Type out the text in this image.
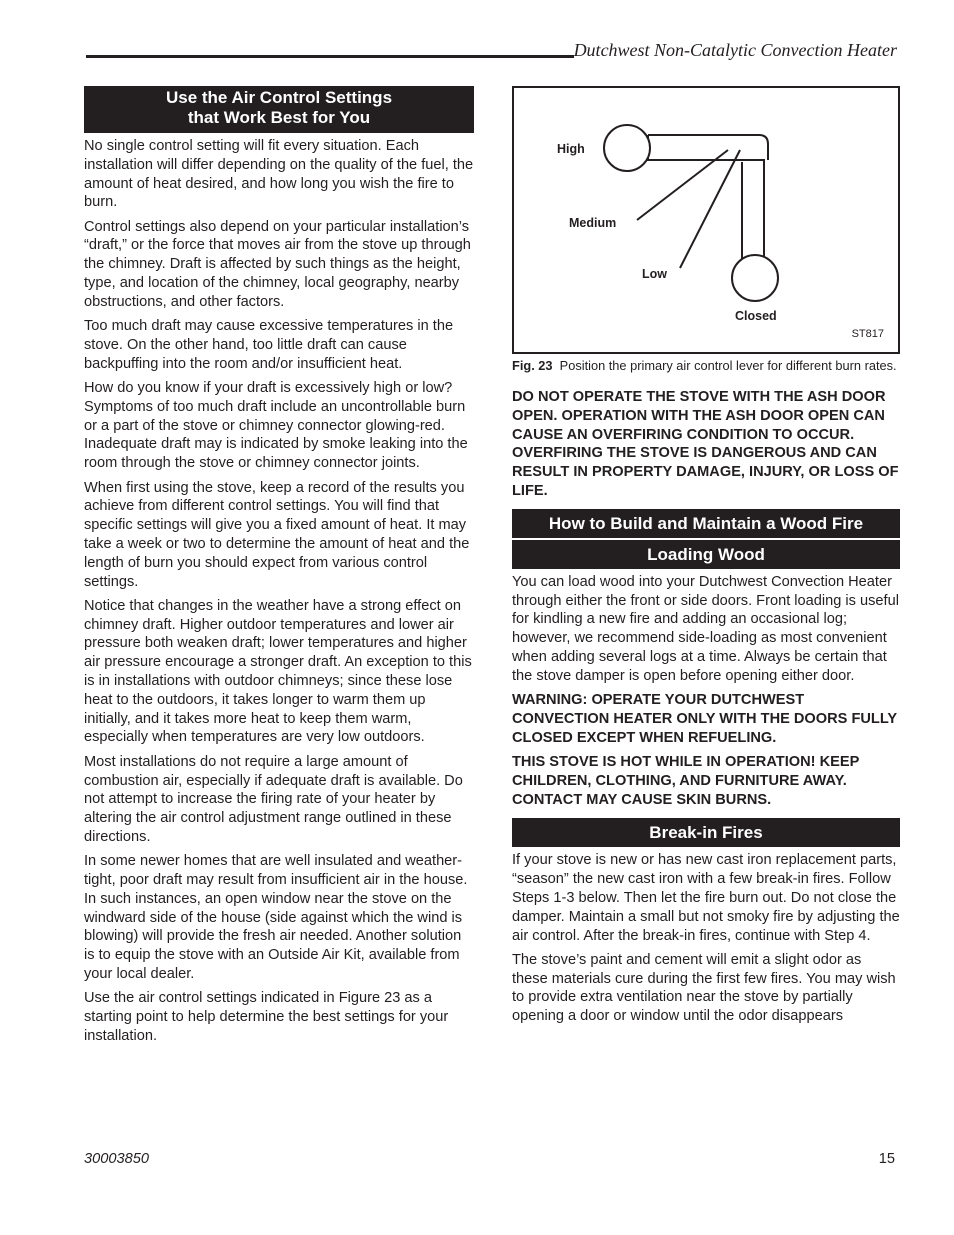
Dutchwest Non-Catalytic Convection Heater
Use the Air Control Settings
that Work Best for You

No single control setting will fit every situation. Each installation will differ depending on the quality of the fuel, the amount of heat desired, and how long you wish the fire to burn.

Control settings also depend on your particular installation’s “draft,” or the force that moves air from the stove up through the chimney. Draft is affected by such things as the height, type, and location of the chimney, local geography, nearby obstructions, and other factors.

Too much draft may cause excessive temperatures in the stove. On the other hand, too little draft can cause backpuffing into the room and/or insufficient heat.

How do you know if your draft is excessively high or low? Symptoms of too much draft include an uncontrollable burn or a part of the stove or chimney connector glowing-red. Inadequate draft may is indicated by smoke leaking into the room through the stove or chimney connector joints.

When first using the stove, keep a record of the results you achieve from different control settings. You will find that specific settings will give you a fixed amount of heat. It may take a week or two to determine the amount of heat and the length of burn you should expect from various control settings.

Notice that changes in the weather have a strong effect on chimney draft. Higher outdoor temperatures and lower air pressure both weaken draft; lower temperatures and higher air pressure encourage a stronger draft. An exception to this is in installations with outdoor chimneys; since these lose heat to the outdoors, it takes longer to warm them up initially, and it takes more heat to keep them warm, especially when temperatures are very low outdoors.

Most installations do not require a large amount of combustion air, especially if adequate draft is available. Do not attempt to increase the firing rate of your heater by altering the air control adjustment range outlined in these directions.

In some newer homes that are well insulated and weather-tight, poor draft may result from insufficient air in the house. In such instances, an open window near the stove on the windward side of the house (side against which the wind is blowing) will provide the fresh air needed. Another solution is to equip the stove with an Outside Air Kit, available from your local dealer.

Use the air control settings indicated in Figure 23 as a starting point to help determine the best settings for your installation.

High
Medium
Low
Closed
ST817
Fig. 23 Position the primary air control lever for different burn rates.

DO NOT OPERATE THE STOVE WITH THE ASH DOOR OPEN. OPERATION WITH THE ASH DOOR OPEN CAN CAUSE AN OVERFIRING CONDITION TO OCCUR. OVERFIRING THE STOVE IS DANGEROUS AND CAN RESULT IN PROPERTY DAMAGE, INJURY, OR LOSS OF LIFE.

How to Build and Maintain a Wood Fire
Loading Wood

You can load wood into your Dutchwest Convection Heater through either the front or side doors. Front loading is useful for kindling a new fire and adding an occasional log; however, we recommend side-loading as most convenient when adding several logs at a time. Always be certain that the stove damper is open before opening either door.

WARNING: OPERATE YOUR DUTCHWEST CONVECTION HEATER ONLY WITH THE DOORS FULLY CLOSED EXCEPT WHEN REFUELING.

THIS STOVE IS HOT WHILE IN OPERATION! KEEP CHILDREN, CLOTHING, AND FURNITURE AWAY. CONTACT MAY CAUSE SKIN BURNS.

Break-in Fires

If your stove is new or has new cast iron replacement parts, “season” the new cast iron with a few break-in fires. Follow Steps 1-3 below. Then let the fire burn out. Do not close the damper. Maintain a small but not smoky fire by adjusting the air control. After the break-in fires, continue with Step 4.

The stove’s paint and cement will emit a slight odor as these materials cure during the first few fires. You may wish to provide extra ventilation near the stove by partially opening a door or window until the odor disappears

30003850	15
